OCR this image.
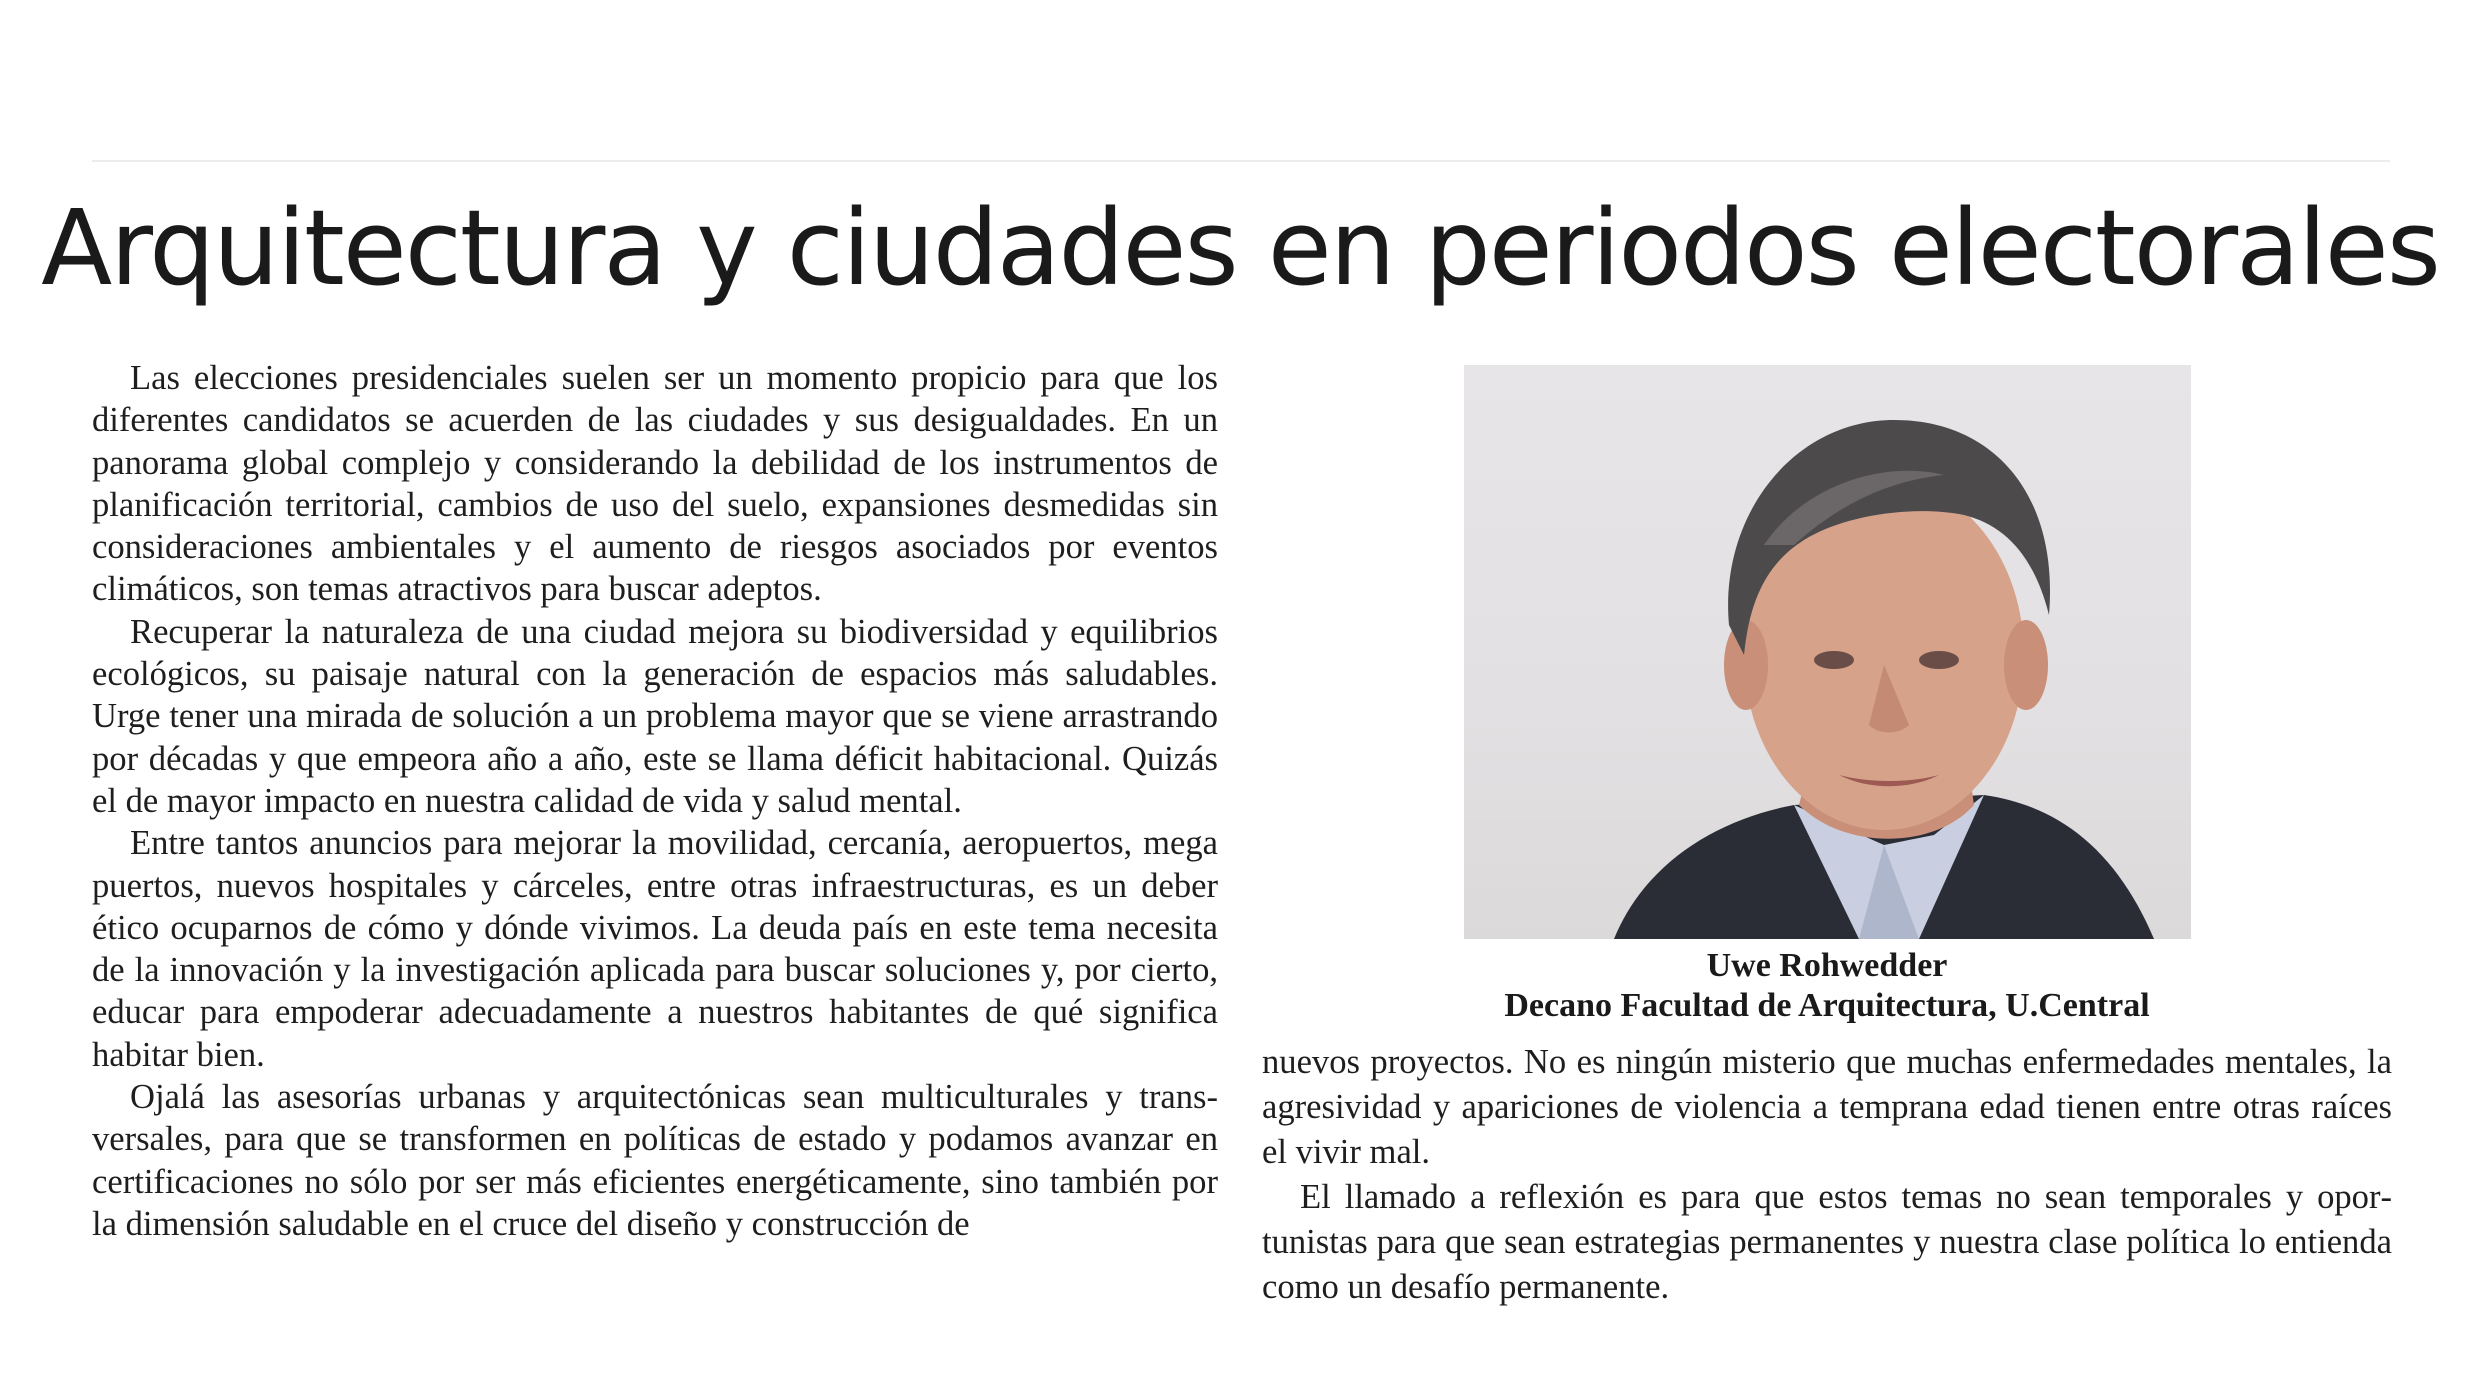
Arquitectura y ciudades en periodos electorales

Las elecciones presidenciales suelen ser un momento propicio para que los diferentes candidatos se acuerden de las ciudades y sus desigualdades. En un panorama global complejo y considerando la debilidad de los instrumentos de planificación territorial, cambios de uso del suelo, expansiones desmedidas sin consideraciones ambientales y el aumento de riesgos asociados por eventos climáticos, son temas atractivos para buscar adeptos.

Recuperar la naturaleza de una ciudad mejora su biodiversidad y equilibrios ecológicos, su paisaje natural con la generación de espacios más saludables. Urge tener una mirada de solución a un problema mayor que se viene arrastrando por décadas y que empeora año a año, este se llama déficit habitacional. Quizás el de mayor impacto en nuestra calidad de vida y salud mental.

Entre tantos anuncios para mejorar la movilidad, cercanía, aeropuertos, mega puertos, nuevos hospitales y cárceles, entre otras infraestructuras, es un deber ético ocuparnos de cómo y dónde vivimos. La deuda país en este tema necesita de la innovación y la investigación aplicada para buscar soluciones y, por cierto, educar para empoderar adecuadamente a nuestros habitantes de qué significa habitar bien.

Ojalá las asesorías urbanas y arquitectónicas sean multiculturales y transversales, para que se transformen en políticas de estado y podamos avanzar en certificaciones no sólo por ser más eficientes energéticamente, sino también por la dimensión saludable en el cruce del diseño y construcción de

Uwe Rohwedder
Decano Facultad de Arquitectura, U.Central

nuevos proyectos. No es ningún misterio que muchas enfermedades mentales, la agresividad y apariciones de violencia a temprana edad tienen entre otras raíces el vivir mal.

El llamado a reflexión es para que estos temas no sean temporales y oportunistas para que sean estrategias permanentes y nuestra clase política lo entienda como un desafío permanente.
